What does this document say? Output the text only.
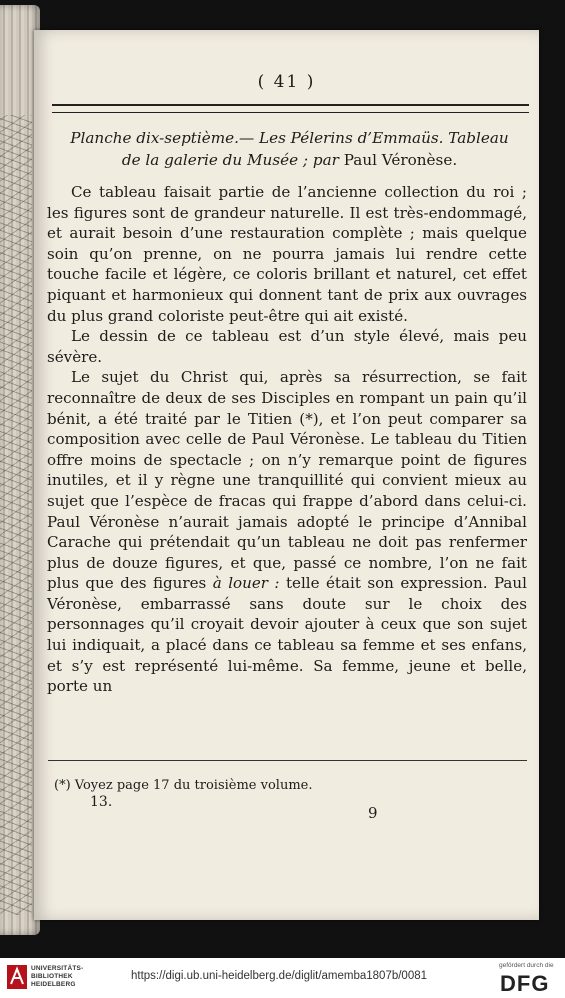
( 41 )
Planche dix-septième.— Les Pélerins d’Emmaüs. Tableau
de la galerie du Musée ; par Paul Véronèse.

Ce tableau faisait partie de l’ancienne collection du roi ; les figures sont de grandeur naturelle. Il est très-endommagé, et aurait besoin d’une restauration complète ; mais quelque soin qu’on prenne, on ne pourra jamais lui rendre cette touche facile et légère, ce coloris brillant et naturel, cet effet piquant et harmonieux qui donnent tant de prix aux ouvrages du plus grand coloriste peut-être qui ait existé.

Le dessin de ce tableau est d’un style élevé, mais peu sévère.

Le sujet du Christ qui, après sa résurrection, se fait reconnaître de deux de ses Disciples en rompant un pain qu’il bénit, a été traité par le Titien (*), et l’on peut comparer sa composition avec celle de Paul Véronèse. Le tableau du Titien offre moins de spectacle ; on n’y remarque point de figures inutiles, et il y règne une tranquillité qui convient mieux au sujet que l’espèce de fracas qui frappe d’abord dans celui-ci. Paul Véronèse n’aurait jamais adopté le principe d’Annibal Carache qui prétendait qu’un tableau ne doit pas renfermer plus de douze figures, et que, passé ce nombre, l’on ne fait plus que des figures à louer : telle était son expression. Paul Véronèse, embarrassé sans doute sur le choix des personnages qu’il croyait devoir ajouter à ceux que son sujet lui indiquait, a placé dans ce tableau sa femme et ses enfans, et s’y est représenté lui-même. Sa femme, jeune et belle, porte un

(*) Voyez page 17 du troisième volume.
13.
9
UNIVERSITÄTS-
BIBLIOTHEK
HEIDELBERG
https://digi.ub.uni-heidelberg.de/diglit/amemba1807b/0081
gefördert durch die
DFG
